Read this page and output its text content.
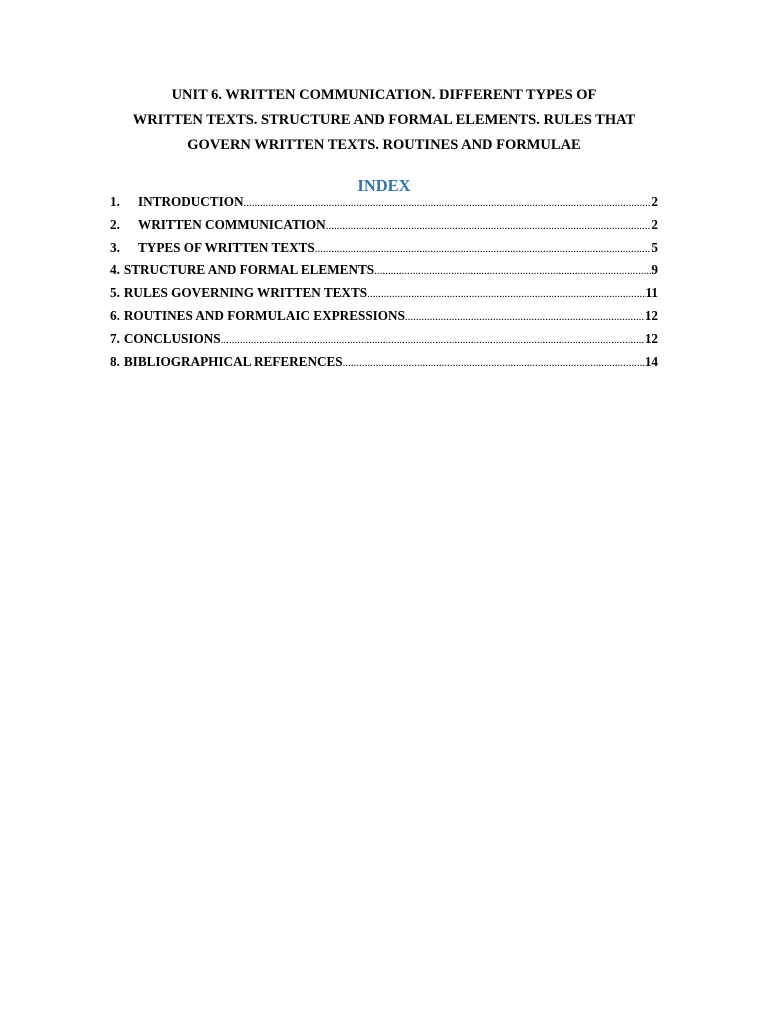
UNIT 6. WRITTEN COMMUNICATION. DIFFERENT TYPES OF
WRITTEN TEXTS. STRUCTURE AND FORMAL ELEMENTS. RULES THAT
GOVERN WRITTEN TEXTS. ROUTINES AND FORMULAE
INDEX
1.	INTRODUCTION .....	2
2.	WRITTEN COMMUNICATION .....	2
3.	TYPES OF WRITTEN TEXTS .....	5
4. STRUCTURE AND FORMAL ELEMENTS .....	9
5. RULES GOVERNING WRITTEN TEXTS .....	11
6. ROUTINES AND FORMULAIC EXPRESSIONS .....	12
7. CONCLUSIONS .....	12
8. BIBLIOGRAPHICAL REFERENCES .....	14
